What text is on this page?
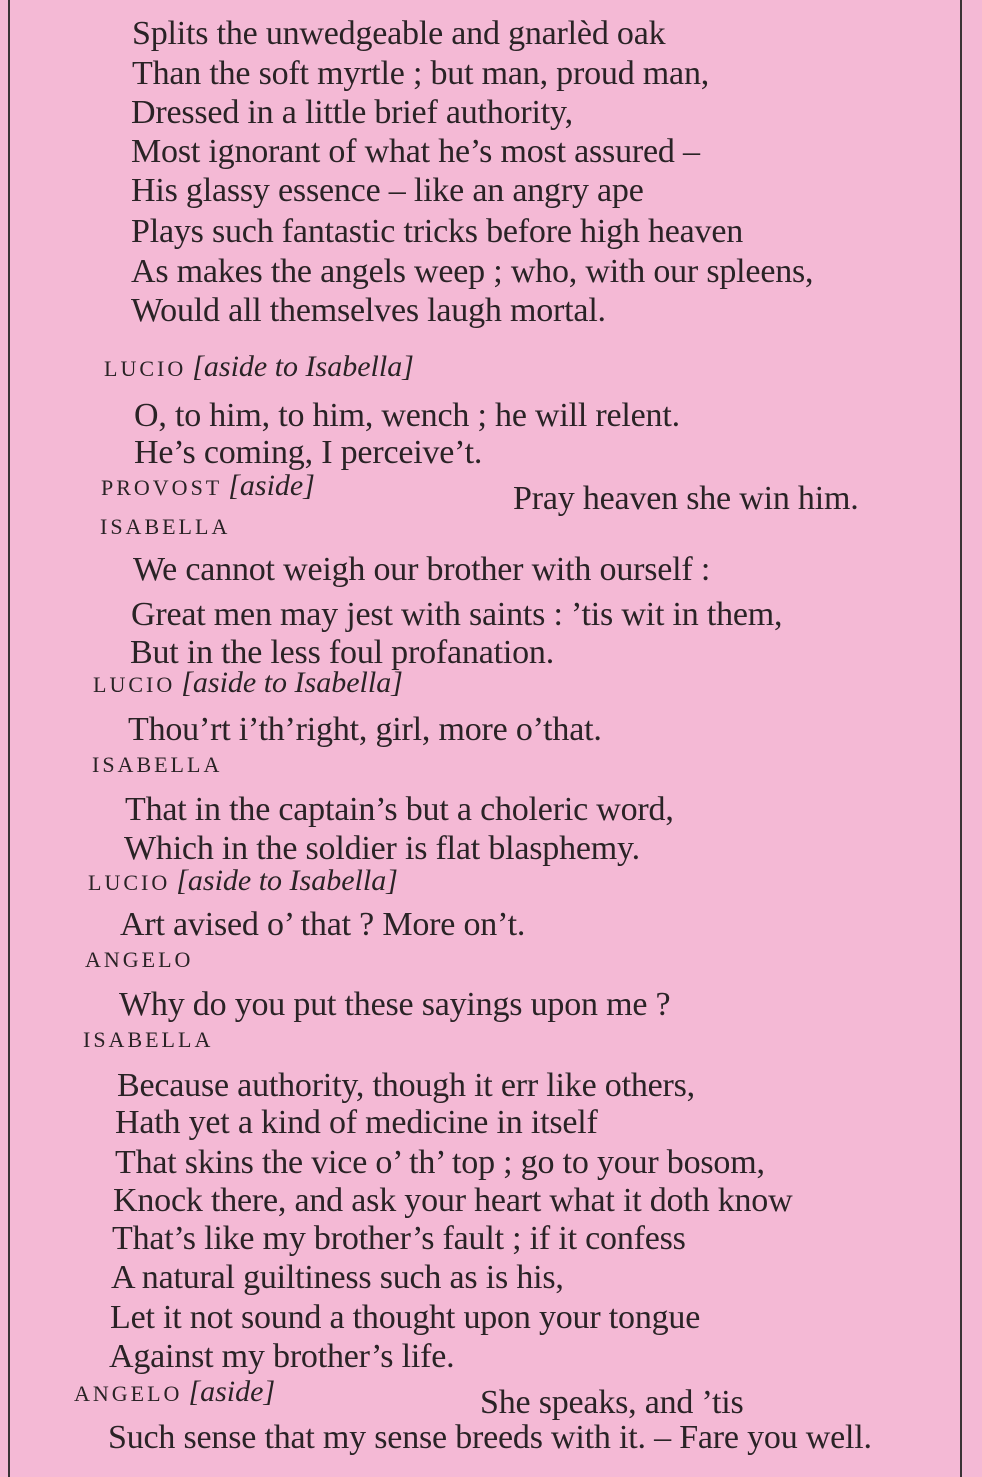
Splits the unwedgeable and gnarlèd oak
Than the soft myrtle ; but man, proud man,
Dressed in a little brief authority,
Most ignorant of what he’s most assured –
His glassy essence – like an angry ape
Plays such fantastic tricks before high heaven
As makes the angels weep ; who, with our spleens,
Would all themselves laugh mortal.
LUCIO [aside to Isabella]
O, to him, to him, wench ; he will relent.
He’s coming, I perceive’t.
PROVOST [aside]	Pray heaven she win him.
ISABELLA
We cannot weigh our brother with ourself :
Great men may jest with saints : ’tis wit in them,
But in the less foul profanation.
LUCIO [aside to Isabella]
Thou’rt i’th’right, girl, more o’that.
ISABELLA
That in the captain’s but a choleric word,
Which in the soldier is flat blasphemy.
LUCIO [aside to Isabella]
Art avised o’ that ? More on’t.
ANGELO
Why do you put these sayings upon me ?
ISABELLA
Because authority, though it err like others,
Hath yet a kind of medicine in itself
That skins the vice o’ th’ top ; go to your bosom,
Knock there, and ask your heart what it doth know
That’s like my brother’s fault ; if it confess
A natural guiltiness such as is his,
Let it not sound a thought upon your tongue
Against my brother’s life.
ANGELO [aside]	She speaks, and ’tis
Such sense that my sense breeds with it. – Fare you well.
